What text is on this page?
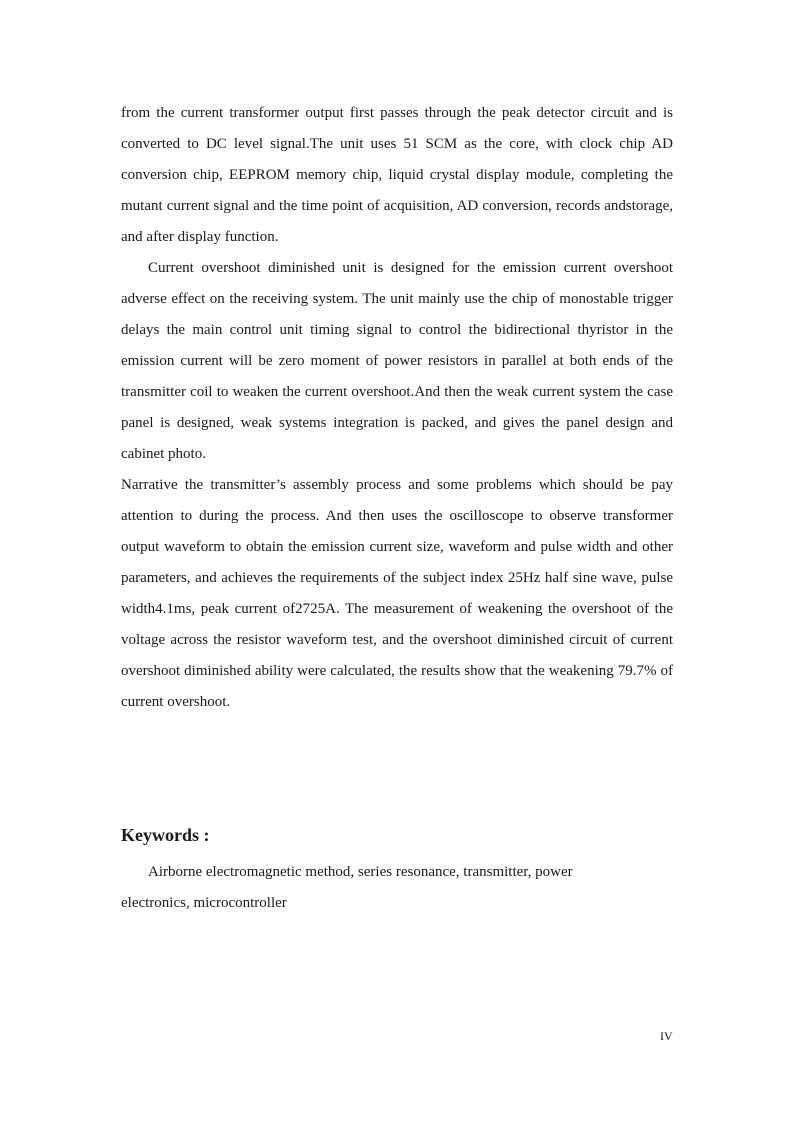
from the current transformer output first passes through the peak detector circuit and is converted to DC level signal.The unit uses 51 SCM as the core, with clock chip AD conversion chip, EEPROM memory chip, liquid crystal display module, completing the mutant current signal and the time point of acquisition, AD conversion, records andstorage, and after display function.

Current overshoot diminished unit is designed for the emission current overshoot adverse effect on the receiving system. The unit mainly use the chip of monostable trigger delays the main control unit timing signal to control the bidirectional thyristor in the emission current will be zero moment of power resistors in parallel at both ends of the transmitter coil to weaken the current overshoot.And then the weak current system the case panel is designed, weak systems integration is packed, and gives the panel design and cabinet photo.

Narrative the transmitter’s assembly process and some problems which should be pay attention to during the process. And then uses the oscilloscope to observe transformer output waveform to obtain the emission current size, waveform and pulse width and other parameters, and achieves the requirements of the subject index 25Hz half sine wave, pulse width4.1ms, peak current of2725A. The measurement of weakening the overshoot of the voltage across the resistor waveform test, and the overshoot diminished circuit of current overshoot diminished ability were calculated, the results show that the weakening 79.7% of current overshoot.

Keywords :

Airborne electromagnetic method, series resonance, transmitter, power electronics, microcontroller

IV
